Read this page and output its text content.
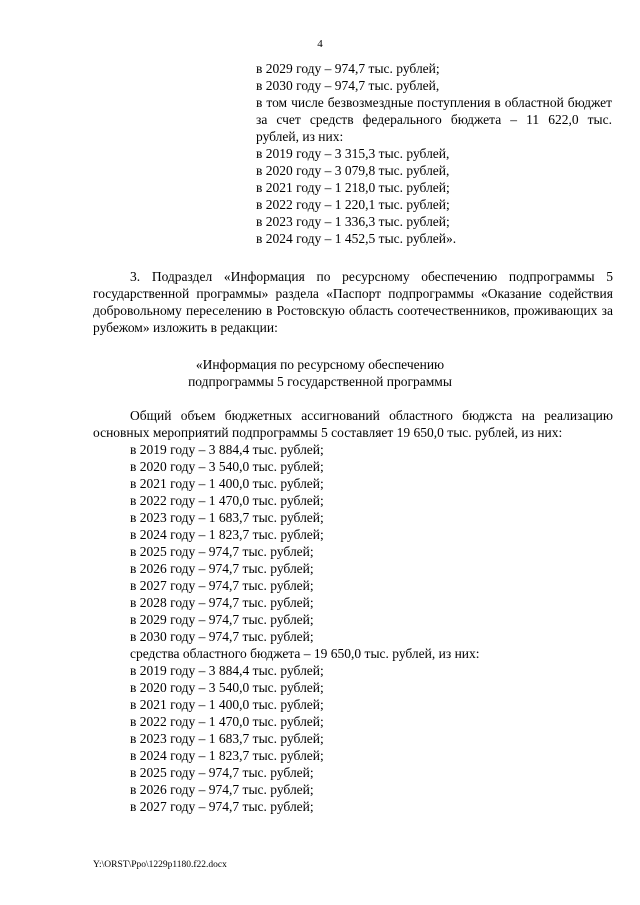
4
в 2029 году – 974,7 тыс. рублей;
в 2030 году – 974,7 тыс. рублей,
в том числе безвозмездные поступления в областной бюджет за счет средств федерального бюджета – 11 622,0 тыс. рублей, из них:
в 2019 году – 3 315,3 тыс. рублей,
в 2020 году – 3 079,8 тыс. рублей,
в 2021 году – 1 218,0 тыс. рублей;
в 2022 году – 1 220,1 тыс. рублей;
в 2023 году – 1 336,3 тыс. рублей;
в 2024 году – 1 452,5 тыс. рублей».
3. Подраздел «Информация по ресурсному обеспечению подпрограммы 5 государственной программы» раздела «Паспорт подпрограммы «Оказание содействия добровольному переселению в Ростовскую область соотечественников, проживающих за рубежом» изложить в редакции:
«Информация по ресурсному обеспечению
подпрограммы 5 государственной программы
Общий объем бюджетных ассигнований областного бюджста на реализацию основных мероприятий подпрограммы 5 составляет 19 650,0 тыс. рублей, из них:
в 2019 году – 3 884,4 тыс. рублей;
в 2020 году – 3 540,0 тыс. рублей;
в 2021 году – 1 400,0 тыс. рублей;
в 2022 году – 1 470,0 тыс. рублей;
в 2023 году – 1 683,7 тыс. рублей;
в 2024 году – 1 823,7 тыс. рублей;
в 2025 году – 974,7 тыс. рублей;
в 2026 году – 974,7 тыс. рублей;
в 2027 году – 974,7 тыс. рублей;
в 2028 году – 974,7 тыс. рублей;
в 2029 году – 974,7 тыс. рублей;
в 2030 году – 974,7 тыс. рублей;
средства областного бюджета – 19 650,0 тыс. рублей, из них:
в 2019 году – 3 884,4 тыс. рублей;
в 2020 году – 3 540,0 тыс. рублей;
в 2021 году – 1 400,0 тыс. рублей;
в 2022 году – 1 470,0 тыс. рублей;
в 2023 году – 1 683,7 тыс. рублей;
в 2024 году – 1 823,7 тыс. рублей;
в 2025 году – 974,7 тыс. рублей;
в 2026 году – 974,7 тыс. рублей;
в 2027 году – 974,7 тыс. рублей;
Y:\ORST\Ppo\1229p1180.f22.docx
